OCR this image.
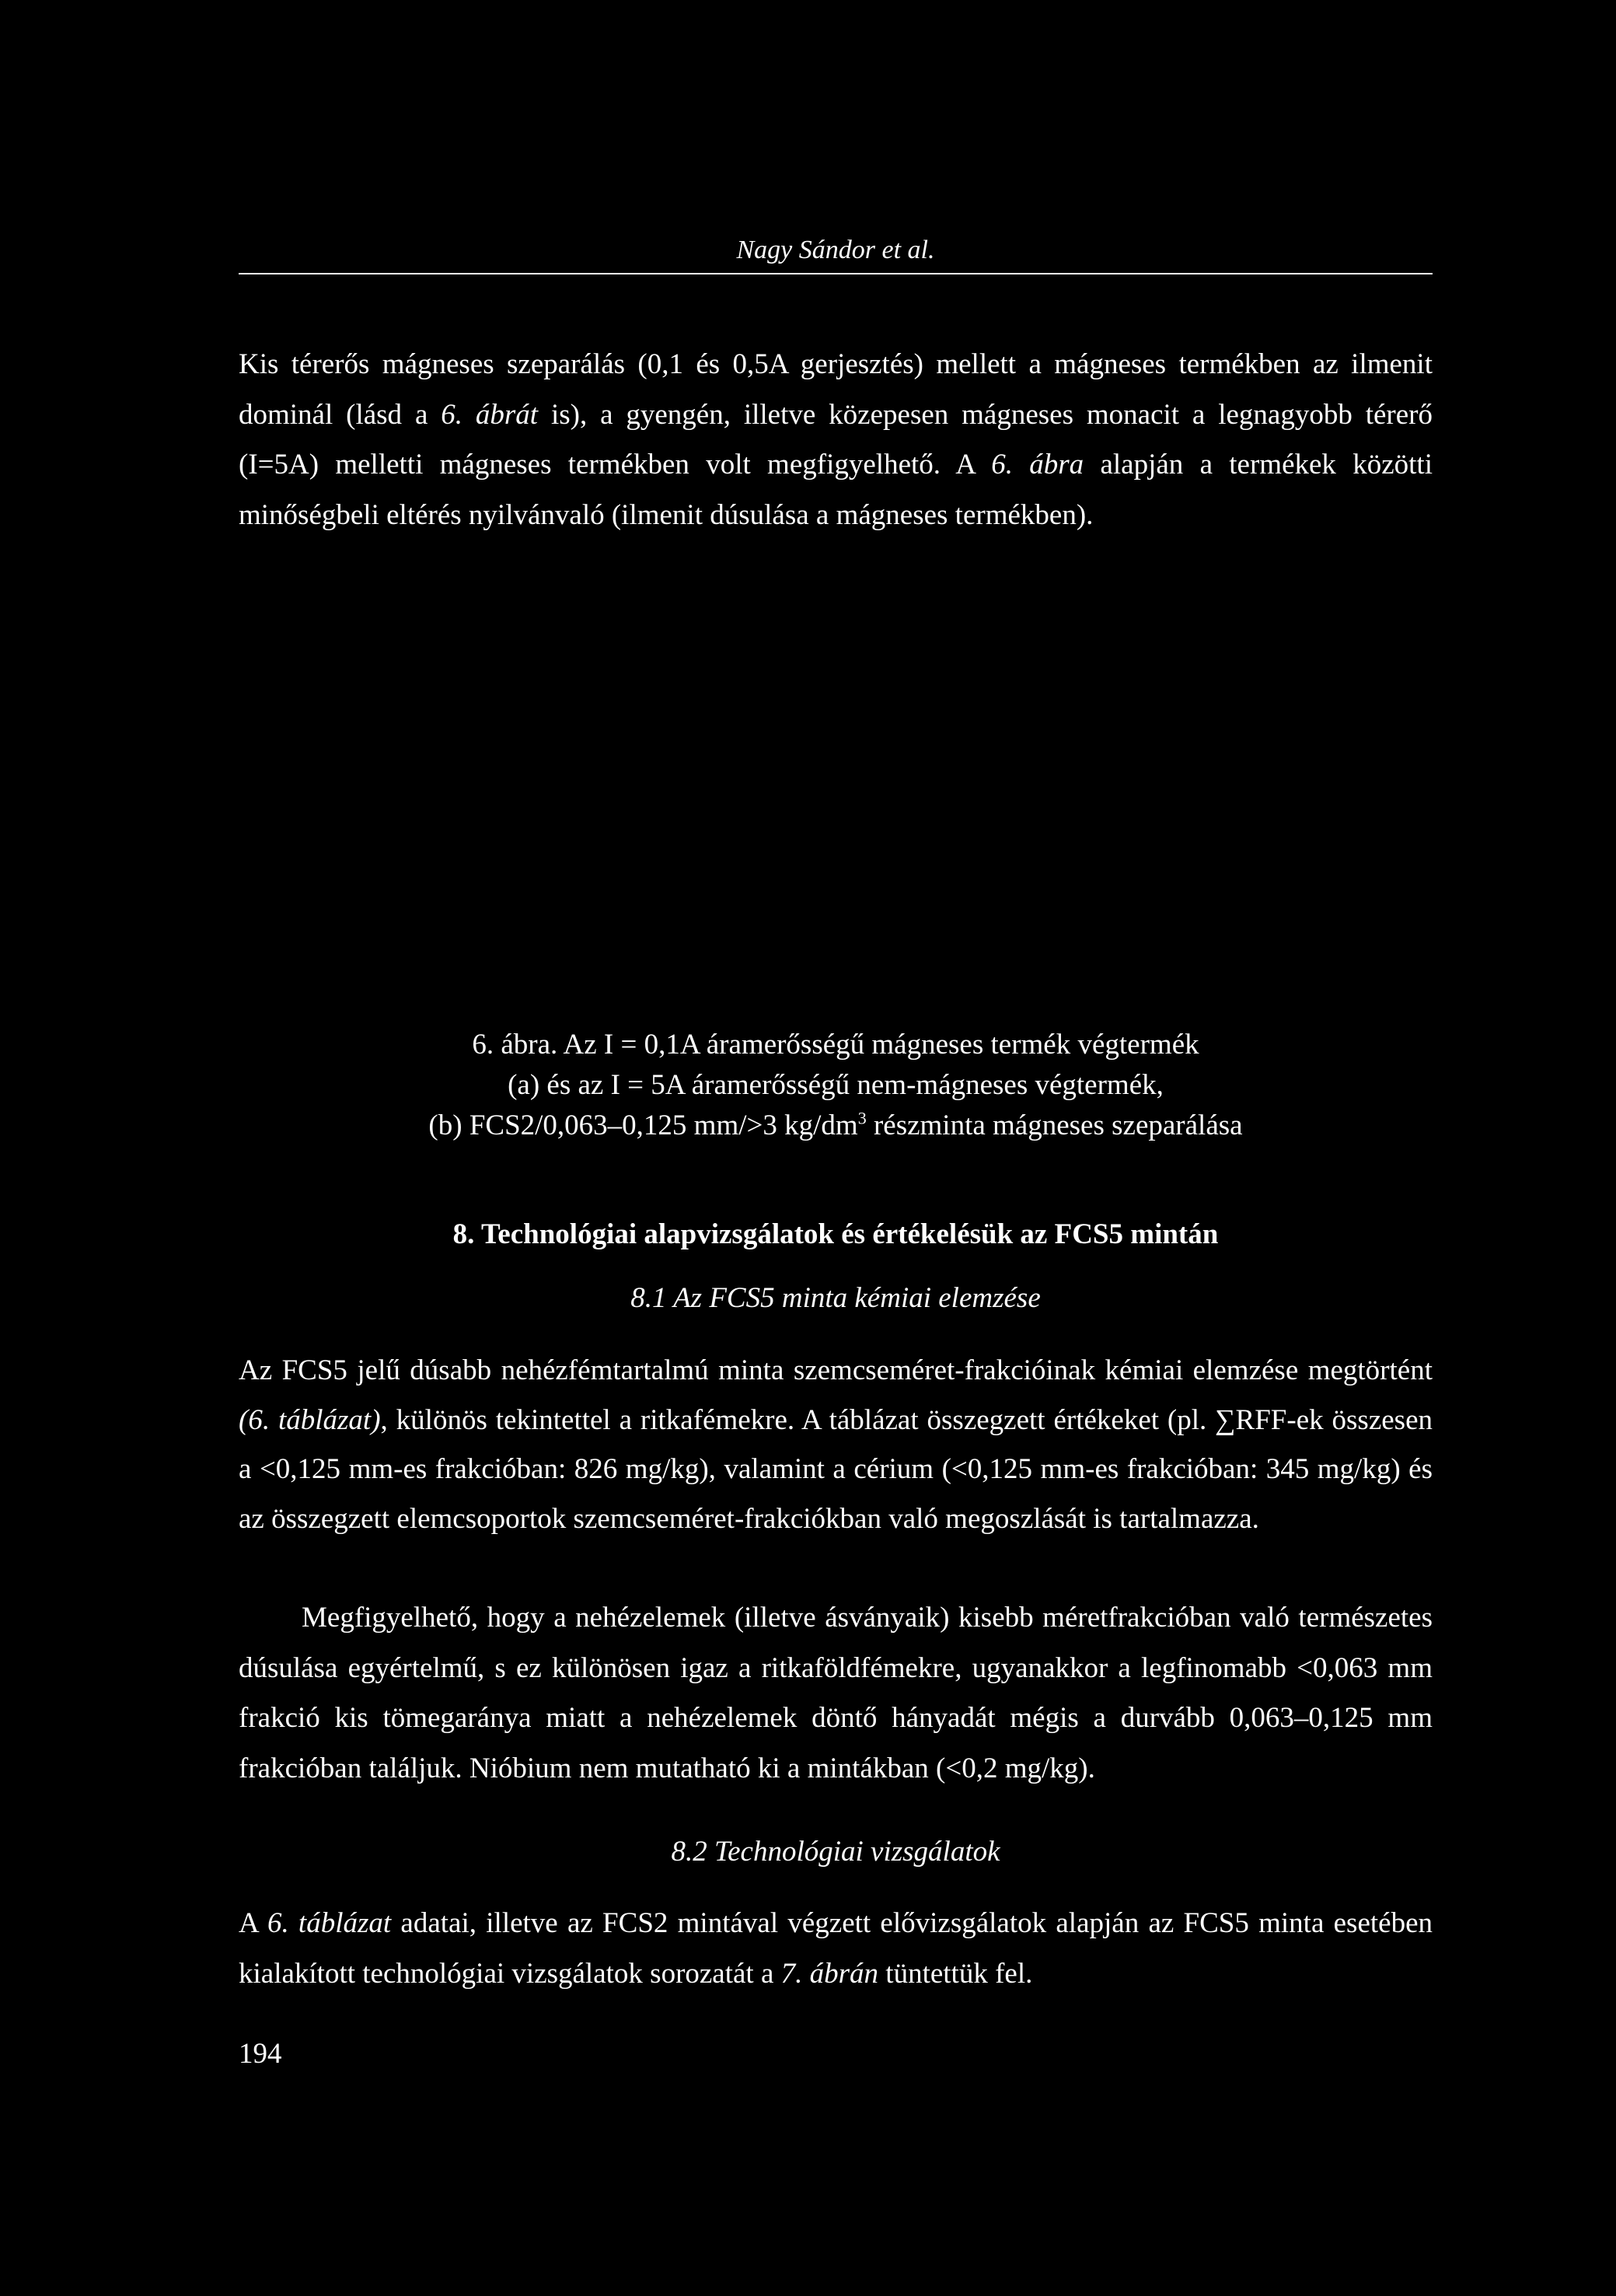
Nagy Sándor et al.

Kis térerős mágneses szeparálás (0,1 és 0,5A gerjesztés) mellett a mágneses termékben az ilmenit dominál (lásd a 6. ábrát is), a gyengén, illetve közepesen mágneses monacit a legnagyobb térerő (I=5A) melletti mágneses termékben volt megfigyelhető. A 6. ábra alapján a termékek közötti minőségbeli eltérés nyilvánvaló (ilmenit dúsulása a mágneses termékben).

6. ábra. Az I = 0,1A áramerősségű mágneses termék végtermék
(a) és az I = 5A áramerősségű nem-mágneses végtermék,
(b) FCS2/0,063–0,125 mm/>3 $kg/dm^3$ részminta mágneses szeparálása
8. Technológiai alapvizsgálatok és értékelésük az FCS5 mintán
8.1 Az FCS5 minta kémiai elemzése

Az FCS5 jelű dúsabb nehézfémtartalmú minta szemcseméret-frakcióinak kémiai elemzése megtörtént (6. táblázat), különös tekintettel a ritkafémekre. A táblázat összegzett értékeket (pl. ∑RFF-ek összesen a <0,125 mm-es frakcióban: 826 mg/kg), valamint a cérium (<0,125 mm-es frakcióban: 345 mg/kg) és az összegzett elemcsoportok szemcseméret-frakciókban való megoszlását is tartalmazza.

Megfigyelhető, hogy a nehézelemek (illetve ásványaik) kisebb méretfrakcióban való természetes dúsulása egyértelmű, s ez különösen igaz a ritkaföldfémekre, ugyanakkor a legfinomabb <0,063 mm frakció kis tömegaránya miatt a nehézelemek döntő hányadát mégis a durvább 0,063–0,125 mm frakcióban találjuk. Nióbium nem mutatható ki a mintákban (<0,2 mg/kg).

8.2 Technológiai vizsgálatok

A 6. táblázat adatai, illetve az FCS2 mintával végzett elővizsgálatok alapján az FCS5 minta esetében kialakított technológiai vizsgálatok sorozatát a 7. ábrán tüntettük fel.

194
